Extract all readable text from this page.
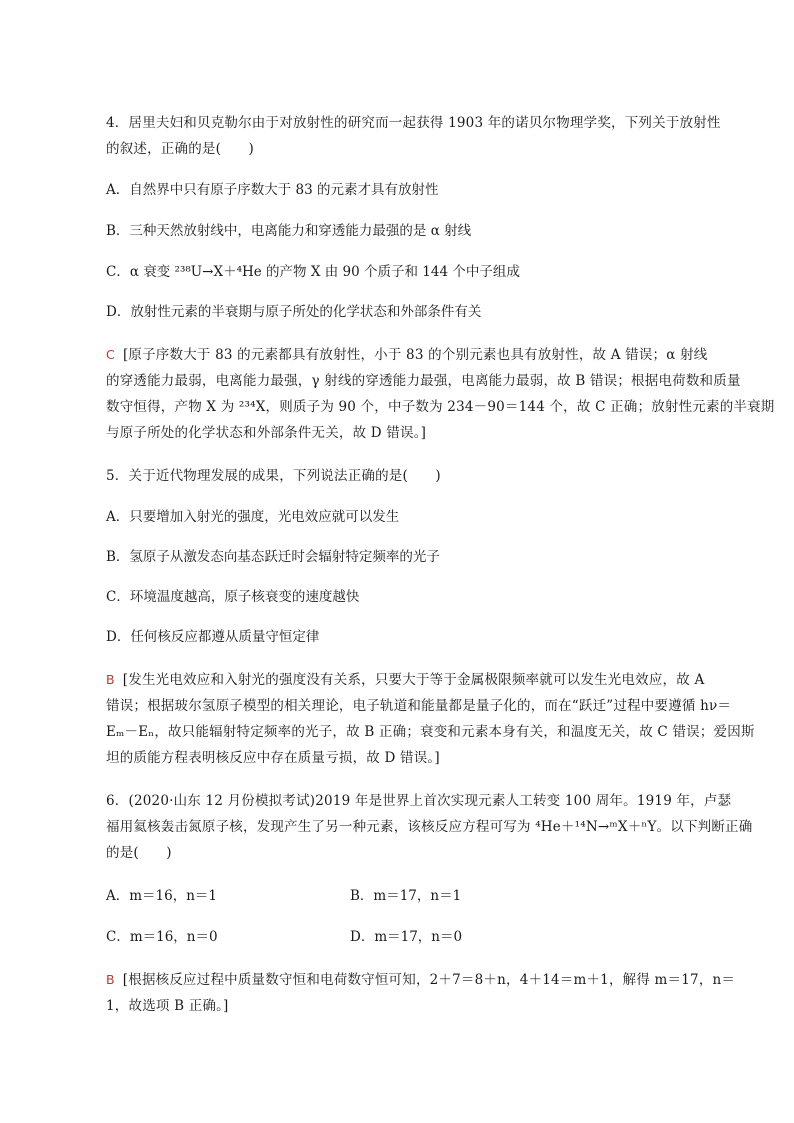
4．居里夫妇和贝克勒尔由于对放射性的研究而一起获得 1903 年的诺贝尔物理学奖，下列关于放射性
的叙述，正确的是(　　)
A．自然界中只有原子序数大于 83 的元素才具有放射性
B．三种天然放射线中，电离能力和穿透能力最强的是 α 射线
C．α 衰变 ²³⁸U→X＋⁴He 的产物 X 由 90 个质子和 144 个中子组成
D．放射性元素的半衰期与原子所处的化学状态和外部条件有关
C [原子序数大于 83 的元素都具有放射性，小于 83 的个别元素也具有放射性，故 A 错误；α 射线
的穿透能力最弱，电离能力最强，γ 射线的穿透能力最强，电离能力最弱，故 B 错误；根据电荷数和质量
数守恒得，产物 X 为 ²³⁴X，则质子为 90 个，中子数为 234－90＝144 个，故 C 正确；放射性元素的半衰期
与原子所处的化学状态和外部条件无关，故 D 错误。]
5．关于近代物理发展的成果，下列说法正确的是(　　)
A．只要增加入射光的强度，光电效应就可以发生
B．氢原子从激发态向基态跃迁时会辐射特定频率的光子
C．环境温度越高，原子核衰变的速度越快
D．任何核反应都遵从质量守恒定律
B [发生光电效应和入射光的强度没有关系，只要大于等于金属极限频率就可以发生光电效应，故 A
错误；根据玻尔氢原子模型的相关理论，电子轨道和能量都是量子化的，而在“跃迁”过程中要遵循 hν＝
Eₘ－Eₙ，故只能辐射特定频率的光子，故 B 正确；衰变和元素本身有关，和温度无关，故 C 错误；爱因斯
坦的质能方程表明核反应中存在质量亏损，故 D 错误。]
6．(2020·山东 12 月份模拟考试)2019 年是世界上首次实现元素人工转变 100 周年。1919 年，卢瑟
福用氦核轰击氮原子核，发现产生了另一种元素，该核反应方程可写为 ⁴He＋¹⁴N→ᵐX＋ⁿY。以下判断正确
的是(　　)
A．m＝16，n＝1	B．m＝17，n＝1
C．m＝16，n＝0	D．m＝17，n＝0
B [根据核反应过程中质量数守恒和电荷数守恒可知，2＋7＝8＋n，4＋14＝m＋1，解得 m＝17，n＝
1，故选项 B 正确。]
